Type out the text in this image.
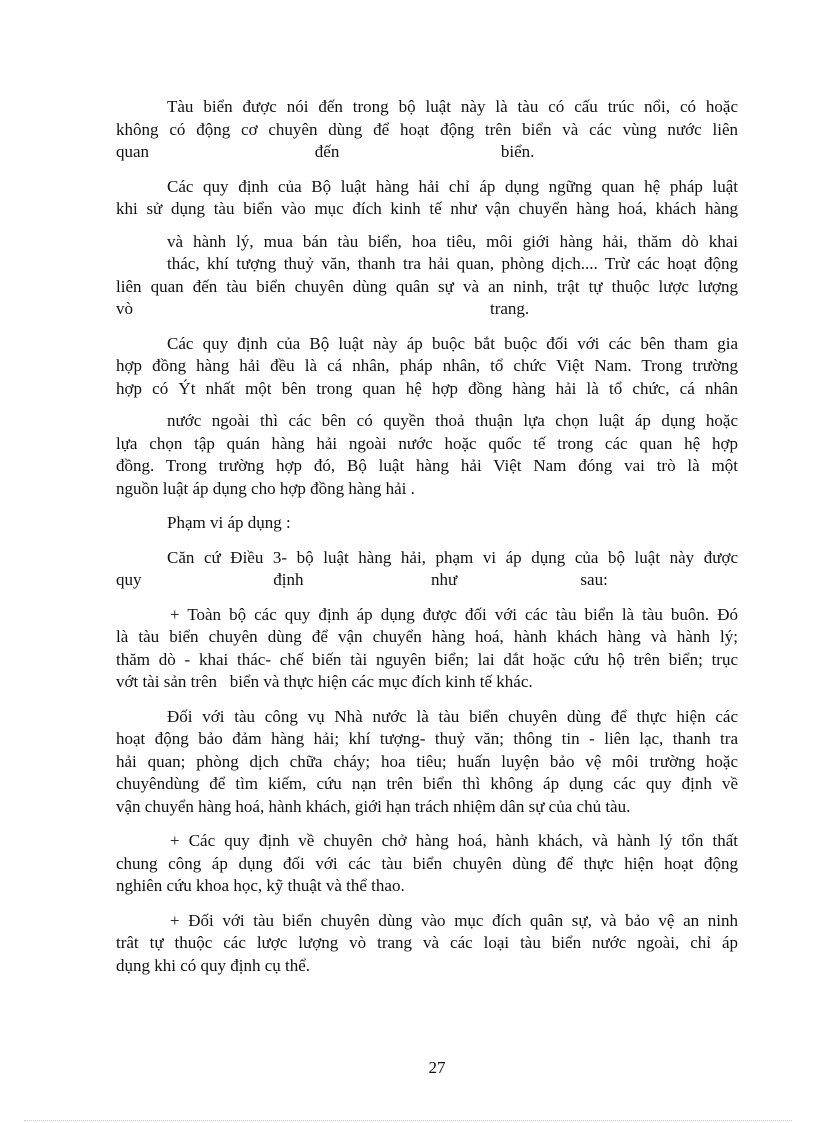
Tàu biển được nói đến trong bộ luật này là tàu có cấu trúc nổi, có hoặc
không có động cơ chuyên dùng để hoạt động trên biển và các vùng nước liên
quan                                       đến                                      biển.

Các quy định của Bộ luật hàng hải chỉ áp dụng ngững quan hệ pháp luật
khi sử dụng tàu biển vào mục đích kinh tế như vận chuyển hàng hoá, khách hàng

và hành lý, mua bán tàu biển, hoa tiêu, môi giới hàng hải, thăm dò khai
thác, khí tượng thuỷ văn, thanh tra hải quan, phòng dịch.... Trừ các hoạt động
liên quan đến tàu biển chuyên dùng quân sự và an ninh, trật tự thuộc lược lượng
vò                                                                                    trang.

Các quy định của Bộ luật này áp buộc bắt buộc đối với các bên tham gia
hợp đồng hàng hải đều là cá nhân, pháp nhân, tổ chức Việt Nam. Trong trường
hợp có Ýt nhất một bên trong quan hệ hợp đồng hàng hải là tổ chức, cá nhân

nước ngoài thì các bên có quyền thoả thuận lựa chọn luật áp dụng hoặc
lựa chọn tập quán hàng hải ngoài nước hoặc quốc tế trong các quan hệ hợp
đồng. Trong trường hợp đó, Bộ luật hàng hải Việt Nam đóng vai trò là một
nguồn luật áp dụng cho hợp đồng hàng hải .

Phạm vi áp dụng :

Căn cứ Điều 3- bộ luật hàng hải, phạm vi áp dụng của bộ luật này được
quy                               định                              như                             sau:

+ Toàn bộ các quy định áp dụng được đối với các tàu biển là tàu buôn. Đó
là tàu biển chuyên dùng để vận chuyển hàng hoá, hành khách hàng và hành lý;
thăm dò - khai thác- chế biến tài nguyên biển; lai dắt hoặc cứu hộ trên biển; trục
vớt tài sản trên   biển và thực hiện các mục đích kinh tế khác.

Đối với tàu công vụ Nhà nước là tàu biển chuyên dùng để thực hiện các
hoạt động bảo đảm hàng hải; khí tượng- thuỷ văn; thông tin - liên lạc, thanh tra
hải quan; phòng dịch chữa cháy; hoa tiêu; huấn luyện bảo vệ môi trường hoặc
chuyêndùng để tìm kiếm, cứu nạn trên biển thì không áp dụng các quy định về
vận chuyển hàng hoá, hành khách, giới hạn trách nhiệm dân sự của chủ tàu.

+ Các quy định về chuyên chở hàng hoá, hành khách, và hành lý tổn thất
chung công áp dụng đối với các tàu biển chuyên dùng để thực hiện hoạt động
nghiên cứu khoa học, kỹ thuật và thể thao.

+ Đối với tàu biển chuyên dùng vào mục đích quân sự, và bảo vệ an ninh
trât tự thuộc các lược lượng vò trang và các loại tàu biển nước ngoài, chỉ áp
dụng khi có quy định cụ thể.

27
